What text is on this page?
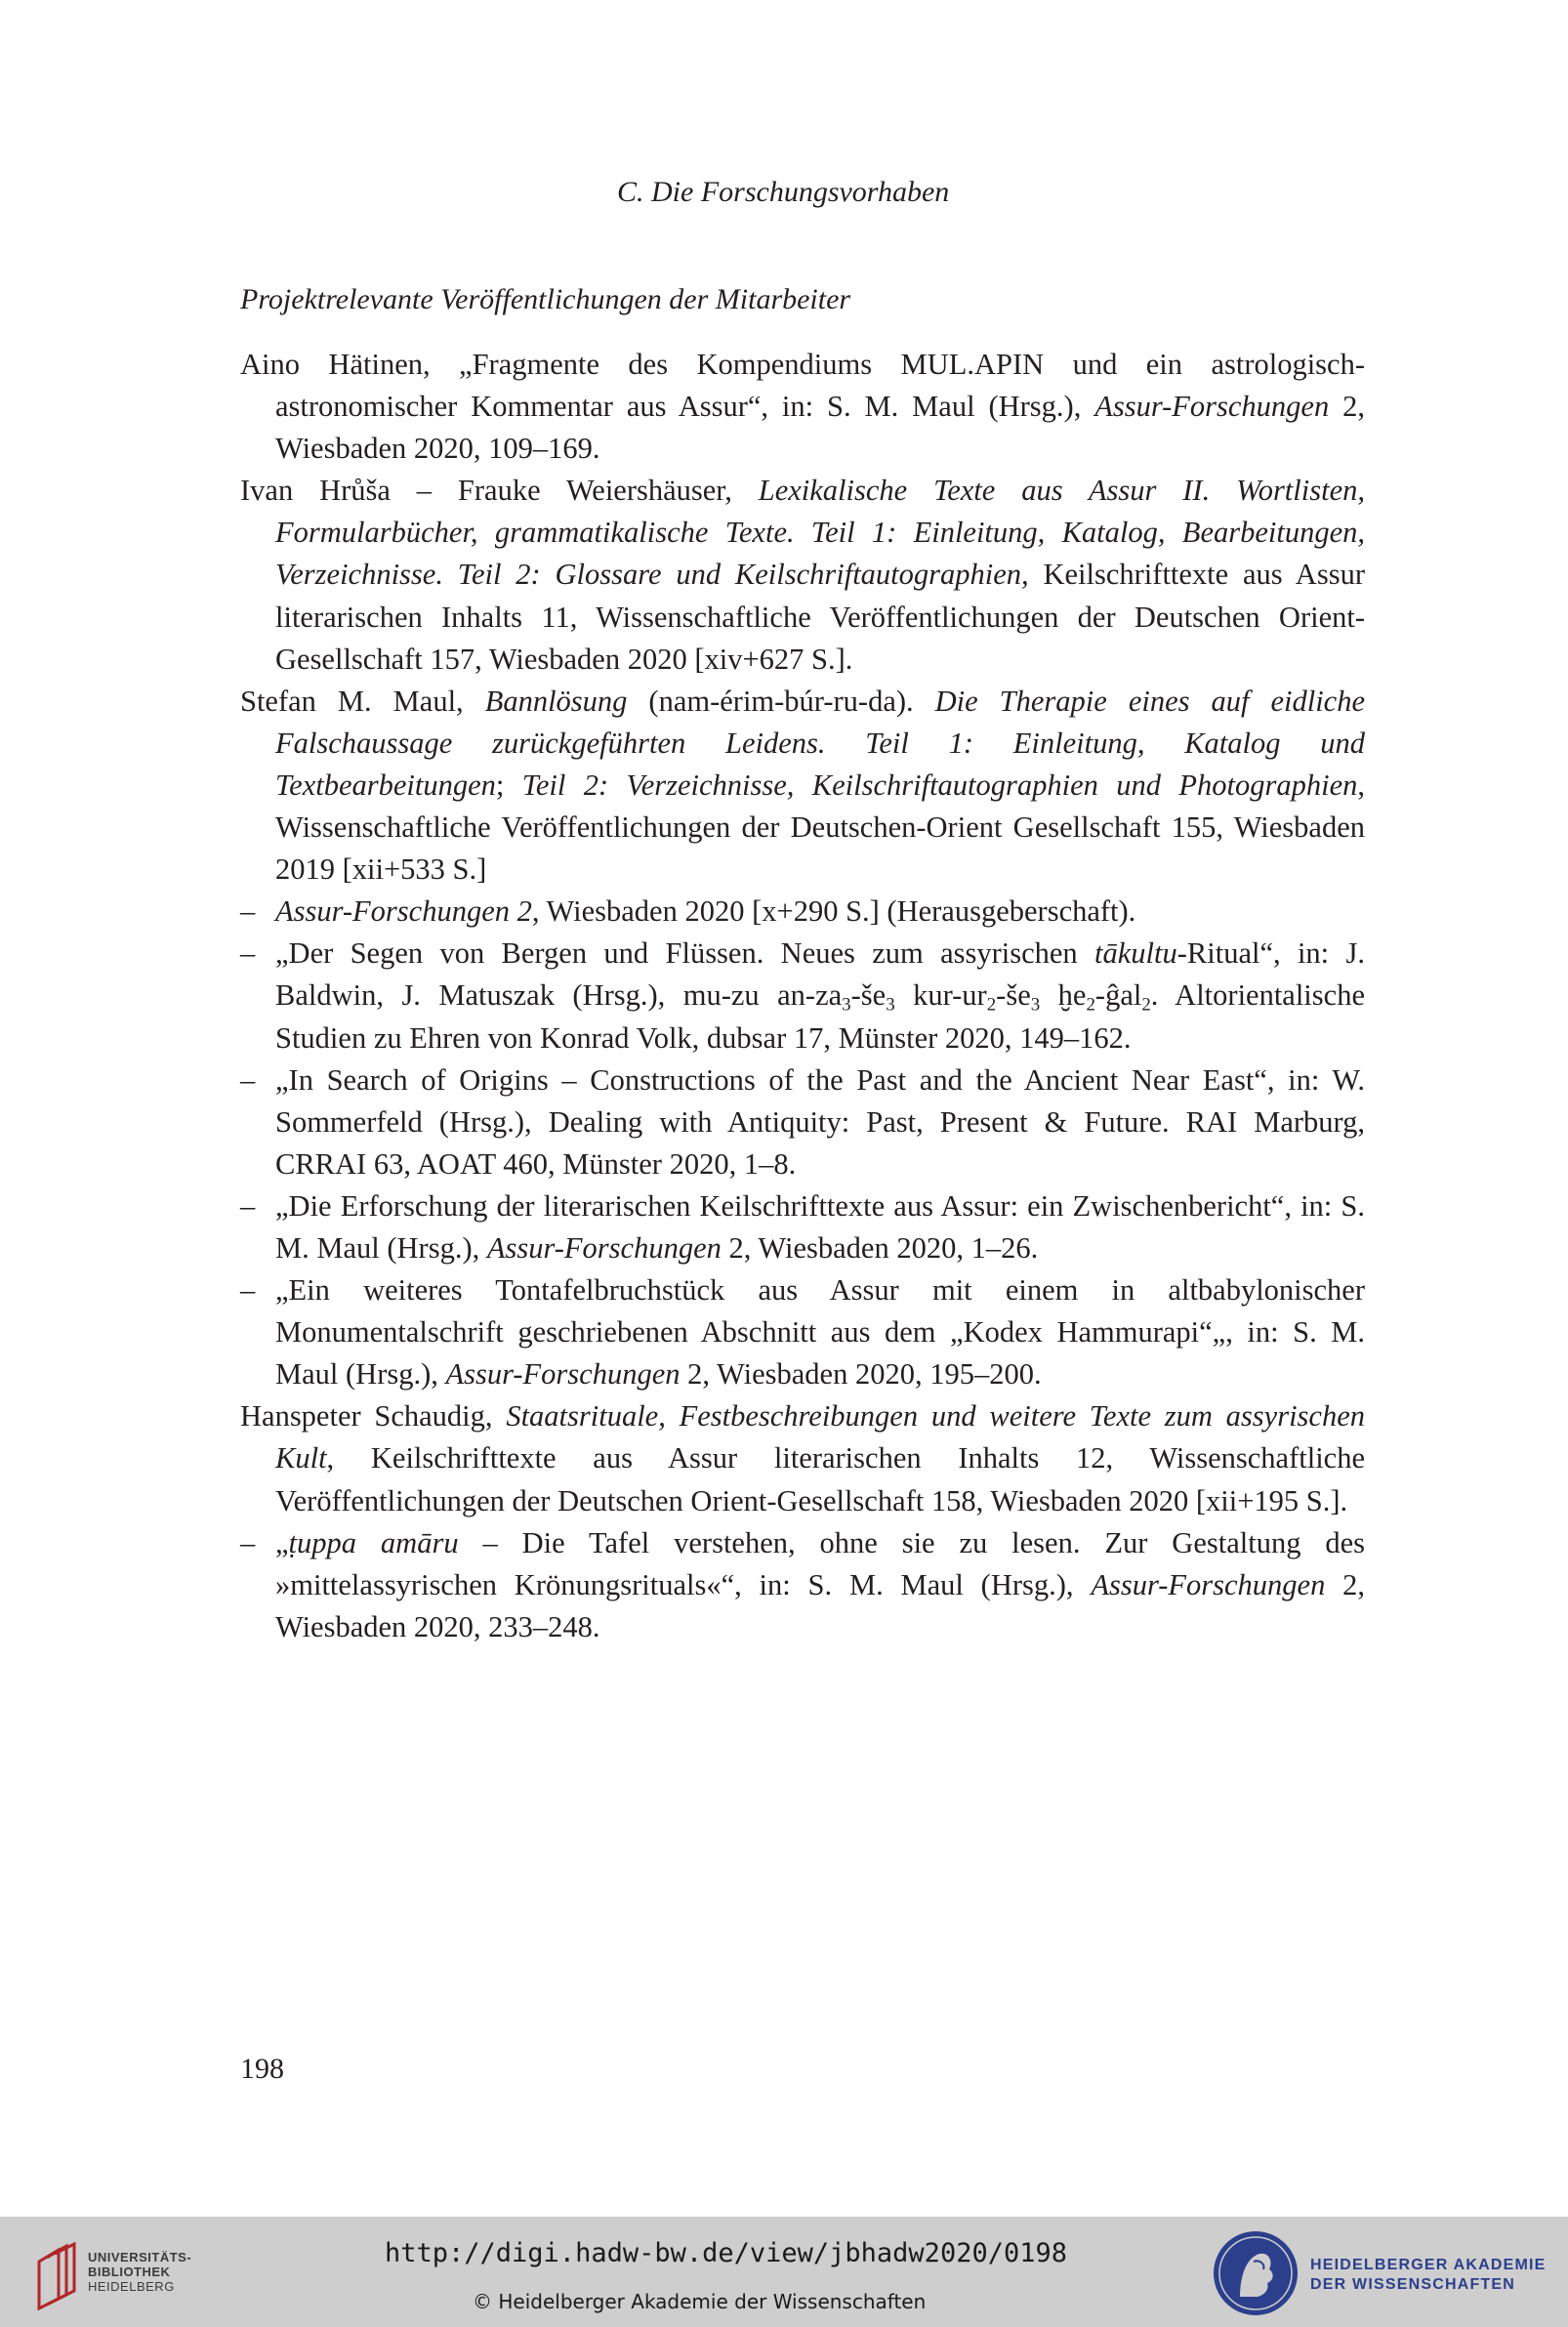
C. Die Forschungsvorhaben
Projektrelevante Veröffentlichungen der Mitarbeiter

Aino Hätinen, „Fragmente des Kompendiums MUL.APIN und ein astrologisch-astronomischer Kommentar aus Assur“, in: S. M. Maul (Hrsg.), Assur-Forschungen 2, Wiesbaden 2020, 109–169.

Ivan Hrůša – Frauke Weiershäuser, Lexikalische Texte aus Assur II. Wortlisten, Formularbücher, grammatikalische Texte. Teil 1: Einleitung, Katalog, Bearbeitungen, Verzeichnisse. Teil 2: Glossare und Keilschriftautographien, Keilschrifttexte aus Assur literarischen Inhalts 11, Wissenschaftliche Veröffentlichungen der Deutschen Orient-Gesellschaft 157, Wiesbaden 2020 [xiv+627 S.].

Stefan M. Maul, Bannlösung (nam-érim-búr-ru-da). Die Therapie eines auf eidliche Falschaussage zurückgeführten Leidens. Teil 1: Einleitung, Katalog und Textbearbeitungen; Teil 2: Verzeichnisse, Keilschriftautographien und Photographien, Wissenschaftliche Veröffentlichungen der Deutschen-Orient Gesellschaft 155, Wiesbaden 2019 [xii+533 S.]

– Assur-Forschungen 2, Wiesbaden 2020 [x+290 S.] (Herausgeberschaft).

– „Der Segen von Bergen und Flüssen. Neues zum assyrischen tākultu-Ritual“, in: J. Baldwin, J. Matuszak (Hrsg.), mu-zu $an-za_3-še_3$ kur-$ur_2-še_3$ ḫe$_2$-ĝal$_2$. Altorientalische Studien zu Ehren von Konrad Volk, dubsar 17, Münster 2020, 149–162.

– „In Search of Origins – Constructions of the Past and the Ancient Near East“, in: W. Sommerfeld (Hrsg.), Dealing with Antiquity: Past, Present & Future. RAI Marburg, CRRAI 63, AOAT 460, Münster 2020, 1–8.

– „Die Erforschung der literarischen Keilschrifttexte aus Assur: ein Zwischenbericht“, in: S. M. Maul (Hrsg.), Assur-Forschungen 2, Wiesbaden 2020, 1–26.

– „Ein weiteres Tontafelbruchstück aus Assur mit einem in altbabylonischer Monumentalschrift geschriebenen Abschnitt aus dem „Kodex Hammurapi“„, in: S. M. Maul (Hrsg.), Assur-Forschungen 2, Wiesbaden 2020, 195–200.

Hanspeter Schaudig, Staatsrituale, Festbeschreibungen und weitere Texte zum assyrischen Kult, Keilschrifttexte aus Assur literarischen Inhalts 12, Wissenschaftliche Veröffentlichungen der Deutschen Orient-Gesellschaft 158, Wiesbaden 2020 [xii+195 S.].

– „ṭuppa amāru – Die Tafel verstehen, ohne sie zu lesen. Zur Gestaltung des »mittelassyrischen Krönungsrituals«“, in: S. M. Maul (Hrsg.), Assur-Forschungen 2, Wiesbaden 2020, 233–248.

198
UNIVERSITÄTS-
BIBLIOTHEK
HEIDELBERG
http://digi.hadw-bw.de/view/jbhadw2020/0198
© Heidelberger Akademie der Wissenschaften
HEIDELBERGER AKADEMIE
DER WISSENSCHAFTEN
